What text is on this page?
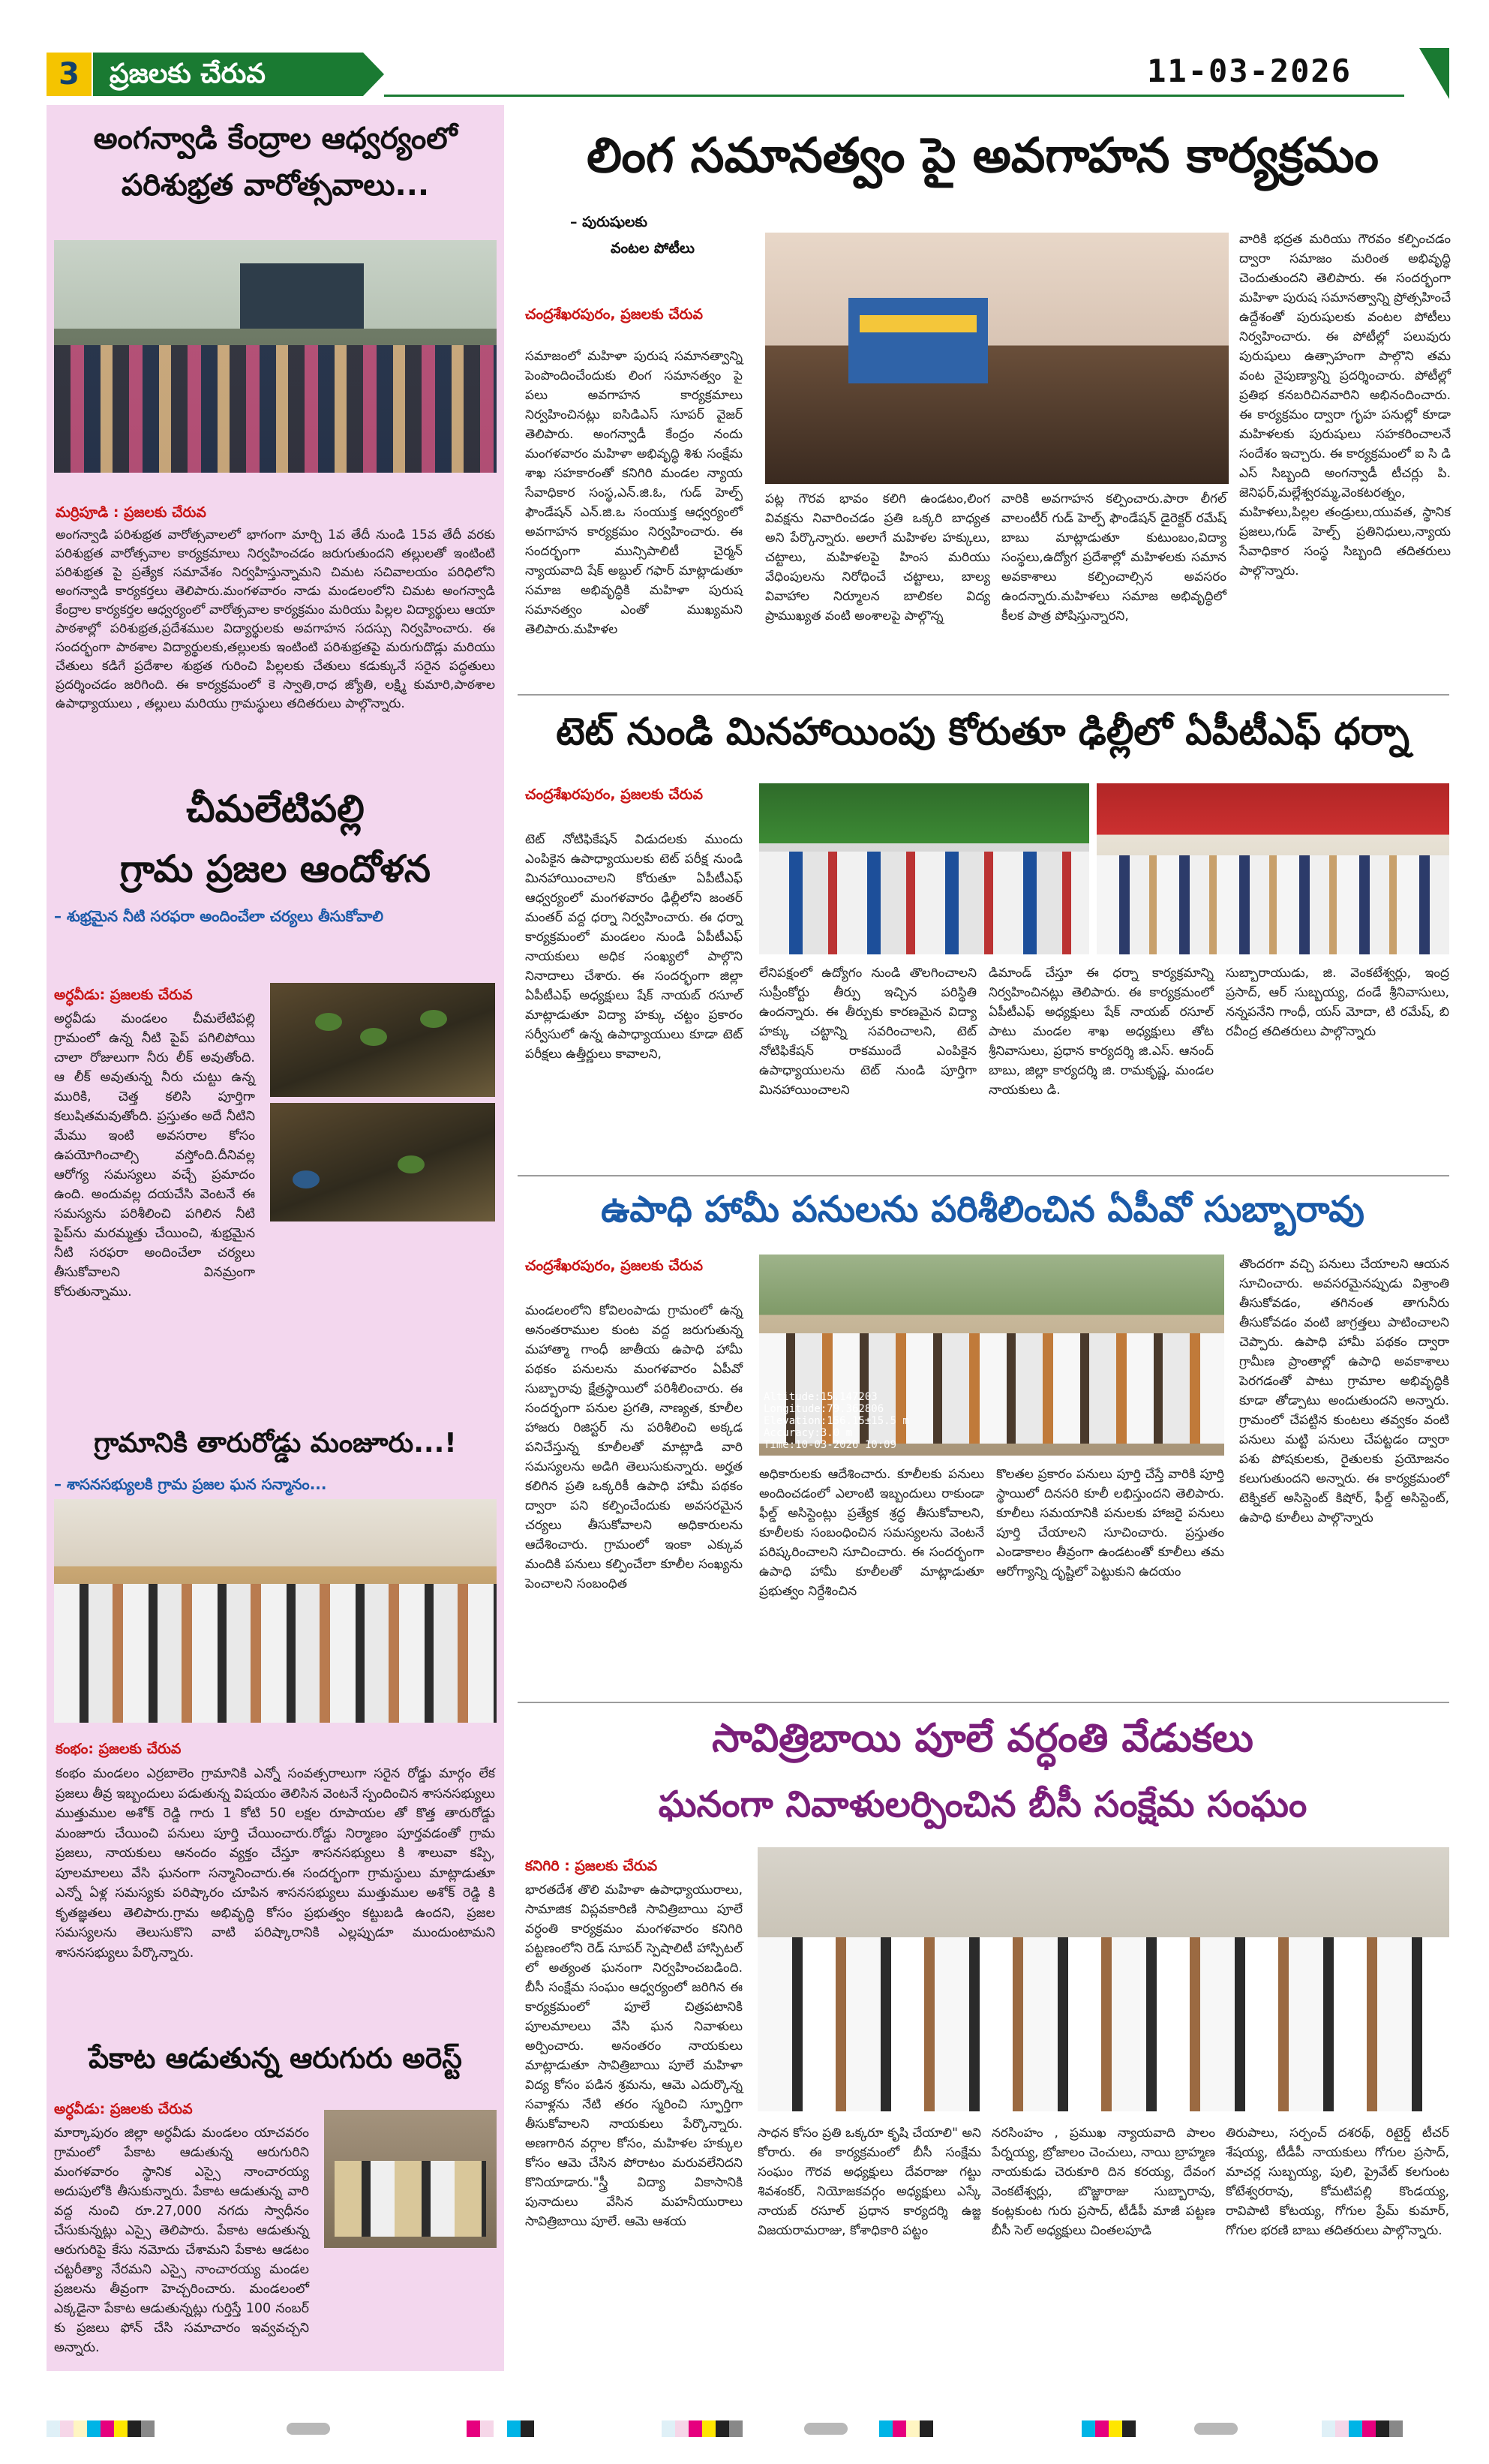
3	ప్రజలకు చేరువ	11-03-2026
అంగన్వాడి కేంద్రాల ఆధ్వర్యంలో
పరిశుభ్రత వారోత్సవాలు...
మర్రిపూడి : ప్రజలకు చేరువ
అంగన్వాడి పరిశుభ్రత వారోత్సవాలలో భాగంగా మార్చి 1వ తేదీ నుండి 15వ తేదీ వరకు పరిశుభ్రత వారోత్సవాల కార్యక్రమాలు నిర్వహించడం జరుగుతుందని తల్లులతో ఇంటింటి పరిశుభ్రత పై ప్రత్యేక సమావేశం నిర్వహిస్తున్నామని చిమట సచివాలయం పరిధిలోని అంగన్వాడి కార్యకర్తలు తెలిపారు.మంగళవారం నాడు మండలంలోని చిమట అంగన్వాడి కేంద్రాల కార్యకర్తల ఆధ్వర్యంలో వారోత్సవాల కార్యక్రమం మరియు పిల్లల విద్యార్థులు ఆయా పాఠశాల్లో పరిశుభ్రత,ప్రదేశముల విద్యార్థులకు అవగాహన సదస్సు నిర్వహించారు. ఈ సందర్భంగా పాఠశాల విద్యార్థులకు,తల్లులకు ఇంటింటి పరిశుభ్రతపై మరుగుదొడ్లు మరియు చేతులు కడిగే ప్రదేశాల శుభ్రత గురించి పిల్లలకు చేతులు కడుక్కునే సరైన పద్ధతులు ప్రదర్శించడం జరిగింది. ఈ కార్యక్రమంలో కె స్వాతి,రాధ జ్యోతి, లక్ష్మి కుమారి,పాఠశాల ఉపాధ్యాయులు , తల్లులు మరియు గ్రామస్థులు తదితరులు పాల్గొన్నారు.
చీమలేటిపల్లి
గ్రామ ప్రజల ఆందోళన
– శుభ్రమైన నీటి సరఫరా అందించేలా చర్యలు తీసుకోవాలి
అర్ధవీడు: ప్రజలకు చేరువ
అర్ధవీడు మండలం చీమలేటిపల్లి గ్రామంలో ఉన్న నీటి పైప్ పగిలిపోయి చాలా రోజులుగా నీరు లీక్ అవుతోంది. ఆ లీక్ అవుతున్న నీరు చుట్టు ఉన్న మురికి, చెత్త కలిసి పూర్తిగా కలుషితమవుతోంది. ప్రస్తుతం అదే నీటిని మేము ఇంటి అవసరాల కోసం ఉపయోగించాల్సి వస్తోంది.దీనివల్ల ఆరోగ్య సమస్యలు వచ్చే ప్రమాదం ఉంది. అందువల్ల దయచేసి వెంటనే ఈ సమస్యను పరిశీలించి పగిలిన నీటి పైప్‌ను మరమ్మత్తు చేయించి, శుభ్రమైన నీటి సరఫరా అందించేలా చర్యలు తీసుకోవాలని వినమ్రంగా కోరుతున్నాము.
గ్రామానికి తారురోడ్డు మంజూరు...!
– శాసనసభ్యులకి గ్రామ ప్రజల ఘన సన్మానం...
కంభం: ప్రజలకు చేరువ
కంభం మండలం ఎర్రబాలెం గ్రామానికి ఎన్నో సంవత్సరాలుగా సరైన రోడ్డు మార్గం లేక ప్రజలు తీవ్ర ఇబ్బందులు పడుతున్న విషయం తెలిసిన వెంటనే స్పందించిన శాసనసభ్యులు ముత్తుముల అశోక్ రెడ్డి గారు 1 కోటి 50 లక్షల రూపాయల తో కొత్త తారురోడ్డు మంజూరు చేయించి పనులు పూర్తి చేయించారు.రోడ్డు నిర్మాణం పూర్తవడంతో గ్రామ ప్రజలు, నాయకులు ఆనందం వ్యక్తం చేస్తూ శాసనసభ్యులు కి శాలువా కప్పి, పూలమాలలు వేసి ఘనంగా సన్మానించారు.ఈ సందర్భంగా గ్రామస్థులు మాట్లాడుతూ ఎన్నో ఏళ్ల సమస్యకు పరిష్కారం చూపిన శాసనసభ్యులు ముత్తుముల అశోక్ రెడ్డి కి కృతజ్ఞతలు తెలిపారు.గ్రామ అభివృద్ధి కోసం ప్రభుత్వం కట్టుబడి ఉందని, ప్రజల సమస్యలను తెలుసుకొని వాటి పరిష్కారానికి ఎల్లప్పుడూ ముందుంటామని శాసనసభ్యులు పేర్కొన్నారు.
పేకాట ఆడుతున్న ఆరుగురు అరెస్ట్
అర్ధవీడు: ప్రజలకు చేరువ
మార్కాపురం జిల్లా అర్ధవీడు మండలం యాచవరం గ్రామంలో పేకాట ఆడుతున్న ఆరుగురిని మంగళవారం స్థానిక ఎస్సై నాంచారయ్య అదుపులోకి తీసుకున్నారు. పేకాట ఆడుతున్న వారి వద్ద నుంచి రూ.27,000 నగదు స్వాధీనం చేసుకున్నట్లు ఎస్సై తెలిపారు. పేకాట ఆడుతున్న ఆరుగురిపై కేసు నమోదు చేశామని పేకాట ఆడటం చట్టరీత్యా నేరమని ఎస్సై నాంచారయ్య మండల ప్రజలను తీవ్రంగా హెచ్చరించారు. మండలంలో ఎక్కడైనా పేకాట ఆడుతున్నట్లు గుర్తిస్తే 100 నంబర్ కు ప్రజలు ఫోన్ చేసి సమాచారం ఇవ్వవచ్చని అన్నారు.
లింగ సమానత్వం పై అవగాహన కార్యక్రమం
– పురుషులకు
వంటల పోటీలు
చంద్రశేఖరపురం, ప్రజలకు చేరువ
సమాజంలో మహిళా పురుష సమానత్వాన్ని పెంపొందించేందుకు లింగ సమానత్వం పై పలు అవగాహన కార్యక్రమాలు నిర్వహించినట్లు ఐసిడిఎస్ సూపర్ వైజర్ తెలిపారు. అంగన్వాడీ కేంద్రం నందు మంగళవారం మహిళా అభివృద్ధి శిశు సంక్షేమ శాఖ సహకారంతో కనిగిరి మండల న్యాయ సేవాధికార సంస్థ,ఎన్.జి.ఓ, గుడ్ హెల్ప్ ఫౌండేషన్ ఎన్.జి.ఒ సంయుక్త ఆధ్వర్యంలో అవగాహన కార్యక్రమం నిర్వహించారు. ఈ సందర్భంగా మున్సిపాలిటీ చైర్మన్ న్యాయవాది షేక్ అబ్దుల్ గఫార్ మాట్లాడుతూ సమాజ అభివృద్ధికి మహిళా పురుష సమానత్వం ఎంతో ముఖ్యమని తెలిపారు.మహిళల
పట్ల గౌరవ భావం కలిగి ఉండటం,లింగ వివక్షను నివారించడం ప్రతి ఒక్కరి బాధ్యత అని పేర్కొన్నారు. అలాగే మహిళల హక్కులు, చట్టాలు, మహిళలపై హింస మరియు వేధింపులను నిరోధించే చట్టాలు, బాల్య వివాహాల నిర్మూలన బాలికల విద్య ప్రాముఖ్యత వంటి అంశాలపై పాల్గొన్న
వారికి అవగాహన కల్పించారు.పారా లీగల్ వాలంటీర్ గుడ్ హెల్ప్ ఫౌండేషన్ డైరెక్టర్ రమేష్ బాబు మాట్లాడుతూ కుటుంబం,విద్యా సంస్థలు,ఉద్యోగ ప్రదేశాల్లో మహిళలకు సమాన అవకాశాలు కల్పించాల్సిన అవసరం ఉందన్నారు.మహిళలు సమాజ అభివృద్ధిలో కీలక పాత్ర పోషిస్తున్నారని,
వారికి భద్రత మరియు గౌరవం కల్పించడం ద్వారా సమాజం మరింత అభివృద్ధి చెందుతుందని తెలిపారు. ఈ సందర్భంగా మహిళా పురుష సమానత్వాన్ని ప్రోత్సహించే ఉద్దేశంతో పురుషులకు వంటల పోటీలు నిర్వహించారు. ఈ పోటీల్లో పలువురు పురుషులు ఉత్సాహంగా పాల్గొని తమ వంట నైపుణ్యాన్ని ప్రదర్శించారు. పోటీల్లో ప్రతిభ కనబరిచినవారిని అభినందించారు. ఈ కార్యక్రమం ద్వారా గృహ పనుల్లో కూడా మహిళలకు పురుషులు సహకరించాలనే సందేశం ఇచ్చారు. ఈ కార్యక్రమంలో ఐ సి డి ఎస్ సిబ్బంది అంగన్వాడీ టీచర్లు పి. జెనిఫర్,మల్లేశ్వరమ్మ,వెంకటరత్నం, మహిళలు,పిల్లల తండ్రులు,యువత, స్థానిక ప్రజలు,గుడ్ హెల్ప్ ప్రతినిధులు,న్యాయ సేవాధికార సంస్థ సిబ్బంది తదితరులు పాల్గొన్నారు.
టెట్ నుండి మినహాయింపు కోరుతూ ఢిల్లీలో ఏపీటీఎఫ్ ధర్నా
చంద్రశేఖరపురం, ప్రజలకు చేరువ
టెట్ నోటిఫికేషన్ విడుదలకు ముందు ఎంపికైన ఉపాధ్యాయులకు టెట్ పరీక్ష నుండి మినహాయించాలని కోరుతూ ఏపీటీఎఫ్ ఆధ్వర్యంలో మంగళవారం ఢిల్లీలోని జంతర్ మంతర్ వద్ద ధర్నా నిర్వహించారు. ఈ ధర్నా కార్యక్రమంలో మండలం నుండి ఏపీటీఎఫ్ నాయకులు అధిక సంఖ్యలో పాల్గొని నినాదాలు చేశారు. ఈ సందర్భంగా జిల్లా ఏపీటీఎఫ్ అధ్యక్షులు షేక్ నాయబ్ రసూల్ మాట్లాడుతూ విద్యా హక్కు చట్టం ప్రకారం సర్వీసులో ఉన్న ఉపాధ్యాయులు కూడా టెట్ పరీక్షలు ఉత్తీర్ణులు కావాలని,
లేనిపక్షంలో ఉద్యోగం నుండి తొలగించాలని సుప్రీంకోర్టు తీర్పు ఇచ్చిన పరిస్థితి ఉందన్నారు. ఈ తీర్పుకు కారణమైన విద్యా హక్కు చట్టాన్ని సవరించాలని, టెట్ నోటిఫికేషన్ రాకముందే ఎంపికైన ఉపాధ్యాయులను టెట్ నుండి పూర్తిగా మినహాయించాలని
డిమాండ్ చేస్తూ ఈ ధర్నా కార్యక్రమాన్ని నిర్వహించినట్లు తెలిపారు. ఈ కార్యక్రమంలో ఏపీటీఎఫ్ అధ్యక్షులు షేక్ నాయబ్ రసూల్ పాటు మండల శాఖ అధ్యక్షులు తోట శ్రీనివాసులు, ప్రధాన కార్యదర్శి జి.ఎస్. ఆనంద్ బాబు, జిల్లా కార్యదర్శి జి. రామకృష్ణ, మండల నాయకులు డి.
సుబ్బారాయుడు, జి. వెంకటేశ్వర్లు, ఇంద్ర ప్రసాద్, ఆర్ సుబ్బయ్య, దండే శ్రీనివాసులు, నన్నపనేని గాంధీ, యస్ మోదా, టి రమేష్, బి రవీంద్ర తదితరులు పాల్గొన్నారు
ఉపాధి హామీ పనులను పరిశీలించిన ఏపీవో సుబ్బారావు
చంద్రశేఖరపురం, ప్రజలకు చేరువ
మండలంలోని కోవిలంపాడు గ్రామంలో ఉన్న అనంతరాముల కుంట వద్ద జరుగుతున్న మహాత్మా గాంధీ జాతీయ ఉపాధి హామీ పథకం పనులను మంగళవారం ఏపీవో సుబ్బారావు క్షేత్రస్థాయిలో పరిశీలించారు. ఈ సందర్భంగా పనుల ప్రగతి, నాణ్యత, కూలీల హాజరు రిజిస్టర్ ను పరిశీలించి అక్కడ పనిచేస్తున్న కూలీలతో మాట్లాడి వారి సమస్యలను అడిగి తెలుసుకున్నారు. అర్హత కలిగిన ప్రతి ఒక్కరికీ ఉపాధి హామీ పథకం ద్వారా పని కల్పించేందుకు అవసరమైన చర్యలు తీసుకోవాలని అధికారులను ఆదేశించారు. గ్రామంలో ఇంకా ఎక్కువ మందికి పనులు కల్పించేలా కూలీల సంఖ్యను పెంచాలని సంబంధిత
Altitude:15.147203
Longitude:79.362806
Elevation:156.15±15.5 m
Accuracy:3.0 m
Time:10-03-2026 10:09
అధికారులకు ఆదేశించారు. కూలీలకు పనులు అందించడంలో ఎలాంటి ఇబ్బందులు రాకుండా ఫీల్డ్ అసిస్టెంట్లు ప్రత్యేక శ్రద్ధ తీసుకోవాలని, కూలీలకు సంబంధించిన సమస్యలను వెంటనే పరిష్కరించాలని సూచించారు. ఈ సందర్భంగా ఉపాధి హామీ కూలీలతో మాట్లాడుతూ ప్రభుత్వం నిర్దేశించిన
కొలతల ప్రకారం పనులు పూర్తి చేస్తే వారికి పూర్తి స్థాయిలో దినసరి కూలీ లభిస్తుందని తెలిపారు. కూలీలు సమయానికి పనులకు హాజరై పనులు పూర్తి చేయాలని సూచించారు. ప్రస్తుతం ఎండాకాలం తీవ్రంగా ఉండటంతో కూలీలు తమ ఆరోగ్యాన్ని దృష్టిలో పెట్టుకుని ఉదయం
తొందరగా వచ్చి పనులు చేయాలని ఆయన సూచించారు. అవసరమైనప్పుడు విశ్రాంతి తీసుకోవడం, తగినంత తాగునీరు తీసుకోవడం వంటి జాగ్రత్తలు పాటించాలని చెప్పారు. ఉపాధి హామీ పథకం ద్వారా గ్రామీణ ప్రాంతాల్లో ఉపాధి అవకాశాలు పెరగడంతో పాటు గ్రామాల అభివృద్ధికి కూడా తోడ్పాటు అందుతుందని అన్నారు. గ్రామంలో చేపట్టిన కుంటలు తవ్వకం వంటి పనులు మట్టి పనులు చేపట్టడం ద్వారా పశు పోషకులకు, రైతులకు ప్రయోజనం కలుగుతుందని అన్నారు. ఈ కార్యక్రమంలో టెక్నికల్ అసిస్టెంట్ కిషోర్, ఫీల్డ్ అసిస్టెంట్, ఉపాధి కూలీలు పాల్గొన్నారు
సావిత్రిబాయి పూలే వర్ధంతి వేడుకలు
ఘనంగా నివాళులర్పించిన బీసీ సంక్షేమ సంఘం
కనిగిరి : ప్రజలకు చేరువ
భారతదేశ తొలి మహిళా ఉపాధ్యాయురాలు, సామాజిక విప్లవకారిణి సావిత్రిబాయి పూలే వర్ధంతి కార్యక్రమం మంగళవారం కనిగిరి పట్టణంలోని రెడ్ సూపర్ స్పెషాలిటీ హాస్పిటల్ లో అత్యంత ఘనంగా నిర్వహించబడింది. బీసీ సంక్షేమ సంఘం ఆధ్వర్యంలో జరిగిన ఈ కార్యక్రమంలో పూలే చిత్రపటానికి పూలమాలలు వేసి ఘన నివాళులు అర్పించారు. అనంతరం నాయకులు మాట్లాడుతూ సావిత్రిబాయి పూలే మహిళా విద్య కోసం పడిన శ్రమను, ఆమె ఎదుర్కొన్న సవాళ్లను నేటి తరం స్మరించి స్ఫూర్తిగా తీసుకోవాలని నాయకులు పేర్కొన్నారు. అణగారిన వర్గాల కోసం, మహిళల హక్కుల కోసం ఆమె చేసిన పోరాటం మరువలేనిదని కొనియాడారు."స్త్రీ విద్యా వికాసానికి పునాదులు వేసిన మహనీయురాలు సావిత్రిబాయి పూలే. ఆమె ఆశయ
సాధన కోసం ప్రతి ఒక్కరూ కృషి చేయాలి" అని కోరారు. ఈ కార్యక్రమంలో బీసీ సంక్షేమ సంఘం గౌరవ అధ్యక్షులు దేవరాజు గట్టు శివశంకర్, నియోజకవర్గం అధ్యక్షులు ఎస్కే నాయబ్ రసూల్ ప్రధాన కార్యదర్శి ఉజ్జ విజయరామరాజు, కోశాధికారి పట్టం
నరసింహం , ప్రముఖ న్యాయవాది పాలం పేర్నయ్య, బ్రోజాలం చెంచులు, నాయి బ్రాహ్మణ నాయకుడు చెరుకూరి దిన కరయ్య, దేవంగ వెంకటేశ్వర్లు, బొజ్జారాజు సుబ్బారావు, కంట్లకుంట గురు ప్రసాద్, టీడీపీ మాజీ పట్టణ బీసీ సెల్ అధ్యక్షులు చింతలపూడి
తిరుపాలు, సర్పంచ్ దశరథ్, రిటైర్డ్ టీచర్ శేషయ్య, టీడీపీ నాయకులు గోగుల ప్రసాద్, మాచర్ల సుబ్బయ్య, పులి, ప్రైవేట్ కలగుంట కోటేశ్వరరావు, కోమటిపల్లి కొండయ్య, రావిపాటి కోటయ్య, గోగుల ప్రేమ్ కుమార్, గోగుల భరణి బాబు తదితరులు పాల్గొన్నారు.
